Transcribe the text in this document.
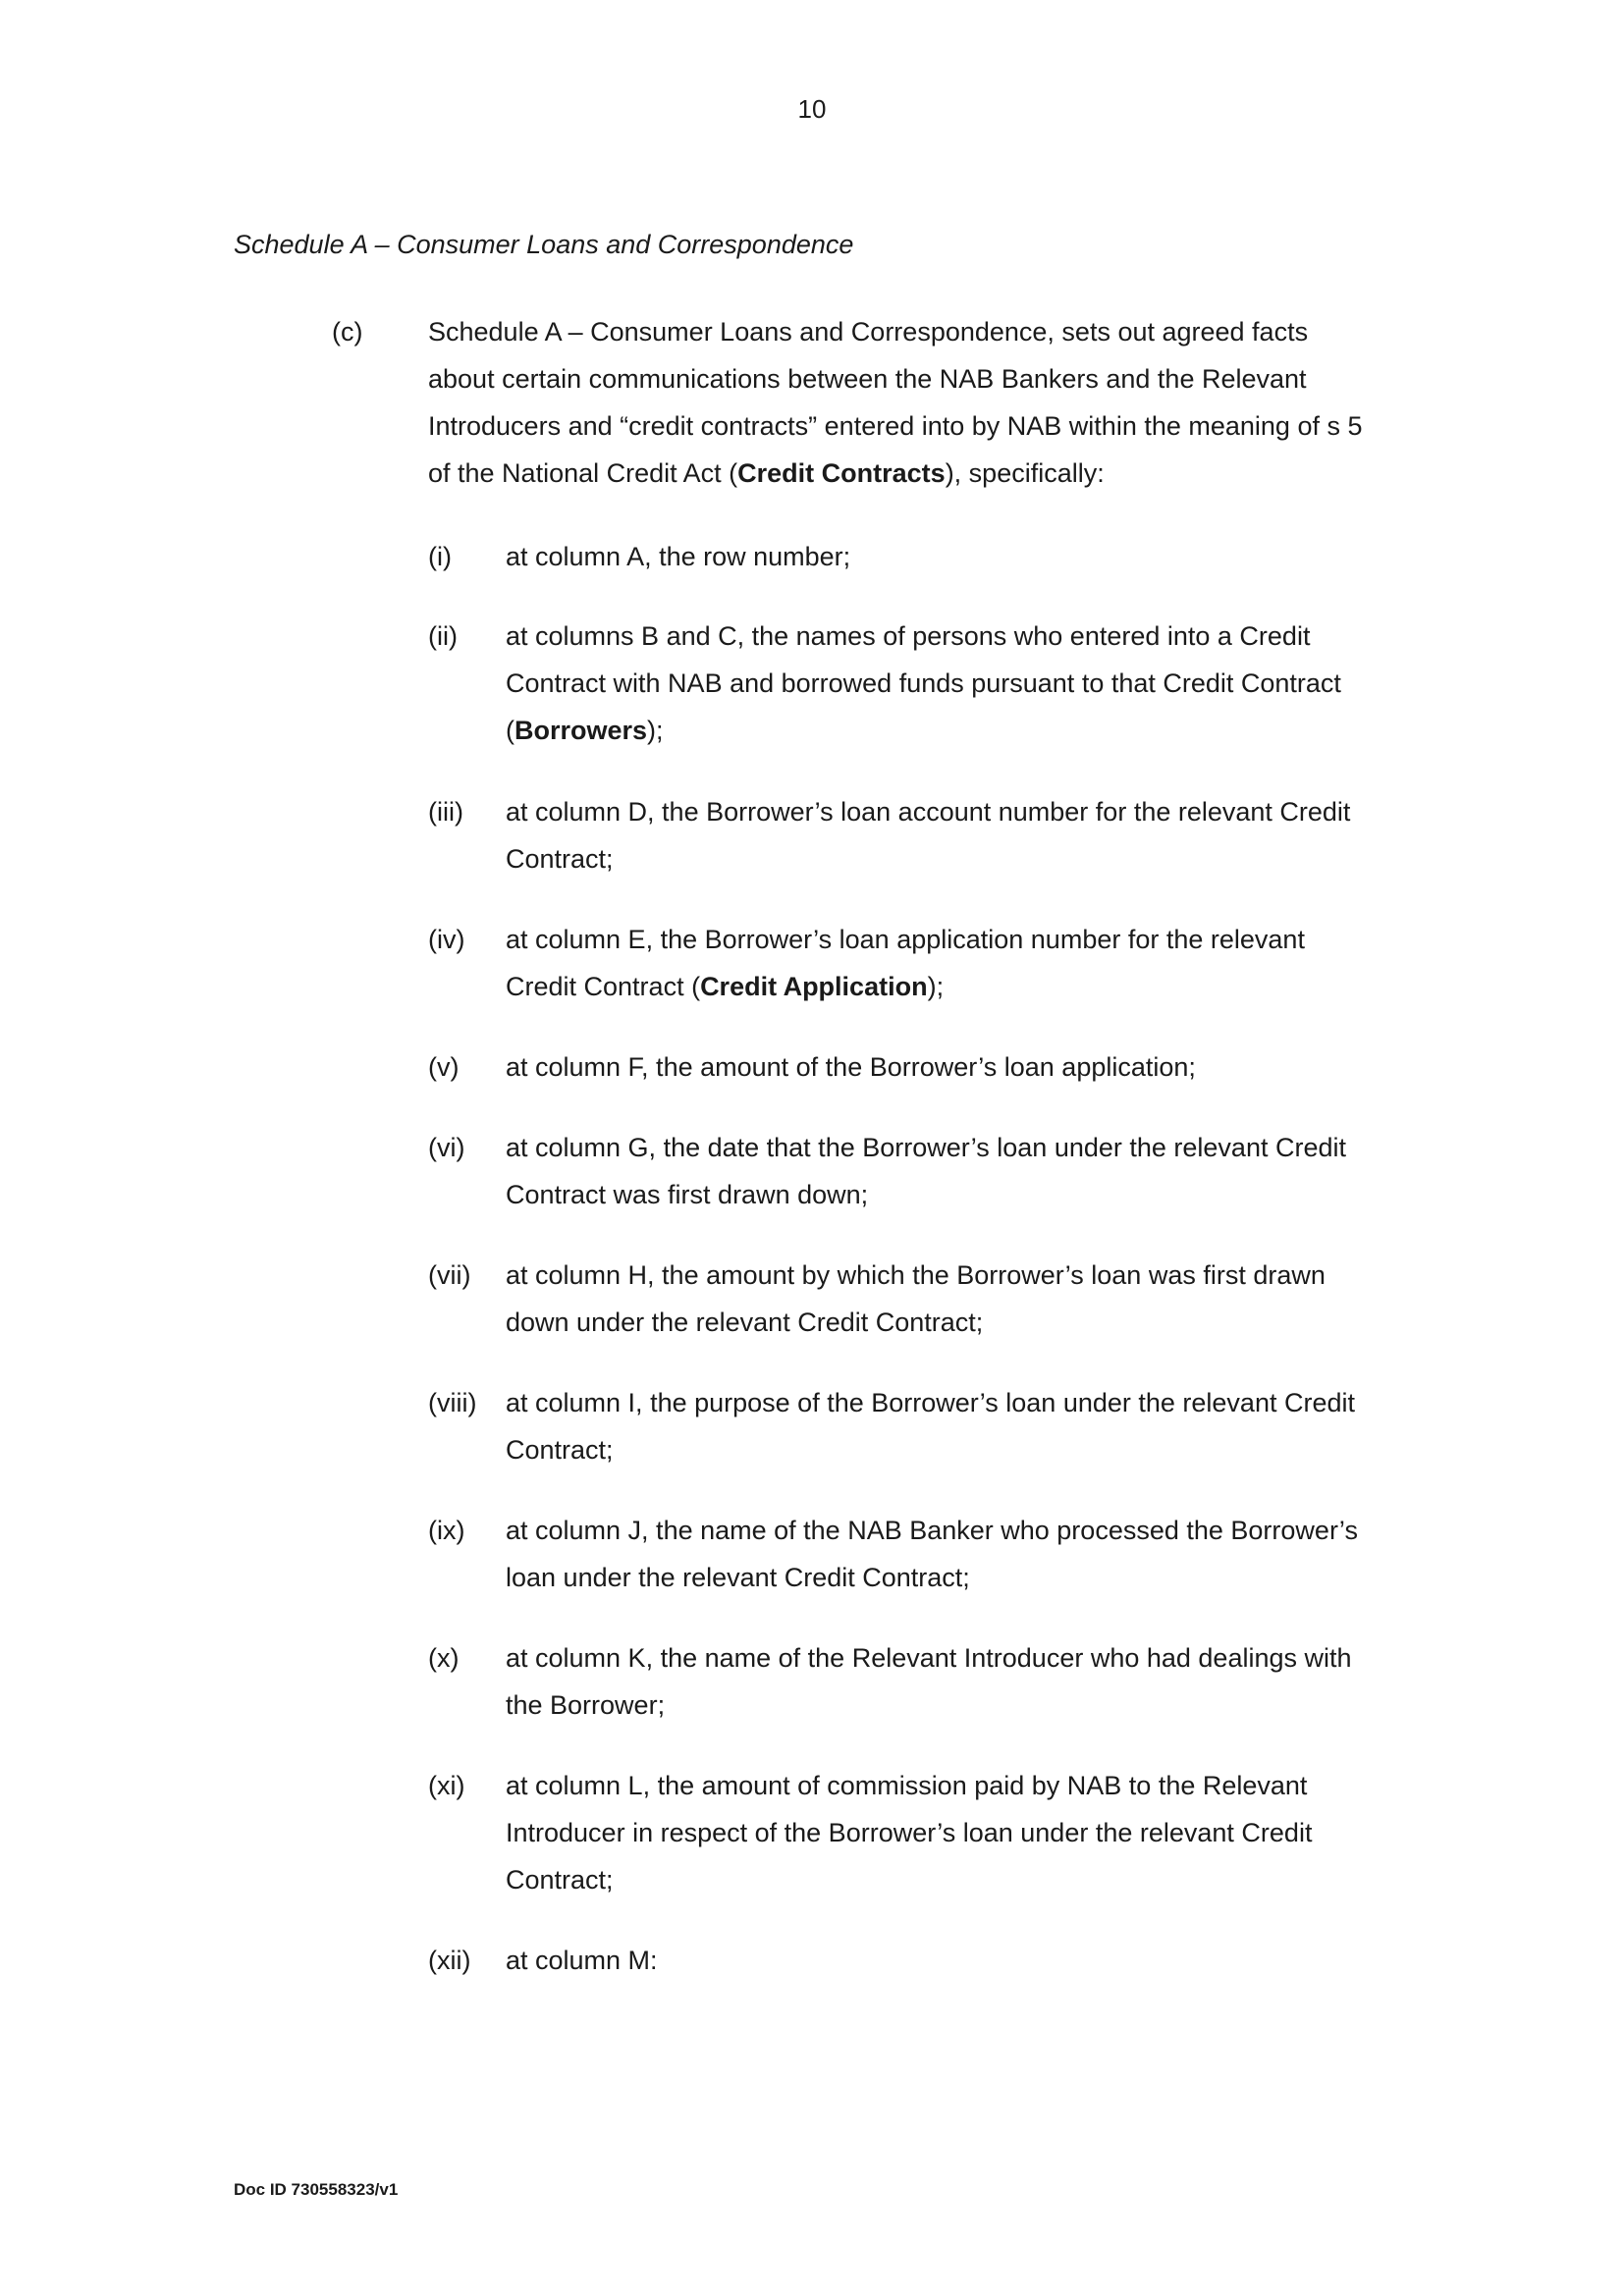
10
Schedule A – Consumer Loans and Correspondence
(c) Schedule A – Consumer Loans and Correspondence, sets out agreed facts
about certain communications between the NAB Bankers and the Relevant
Introducers and “credit contracts” entered into by NAB within the meaning of s 5
of the National Credit Act (Credit Contracts), specifically:
(i) at column A, the row number;
(ii) at columns B and C, the names of persons who entered into a Credit
Contract with NAB and borrowed funds pursuant to that Credit Contract
(Borrowers);
(iii) at column D, the Borrower’s loan account number for the relevant Credit
Contract;
(iv) at column E, the Borrower’s loan application number for the relevant
Credit Contract (Credit Application);
(v) at column F, the amount of the Borrower’s loan application;
(vi) at column G, the date that the Borrower’s loan under the relevant Credit
Contract was first drawn down;
(vii) at column H, the amount by which the Borrower’s loan was first drawn
down under the relevant Credit Contract;
(viii) at column I, the purpose of the Borrower’s loan under the relevant Credit
Contract;
(ix) at column J, the name of the NAB Banker who processed the Borrower’s
loan under the relevant Credit Contract;
(x) at column K, the name of the Relevant Introducer who had dealings with
the Borrower;
(xi) at column L, the amount of commission paid by NAB to the Relevant
Introducer in respect of the Borrower’s loan under the relevant Credit
Contract;
(xii) at column M:
Doc ID 730558323/v1
